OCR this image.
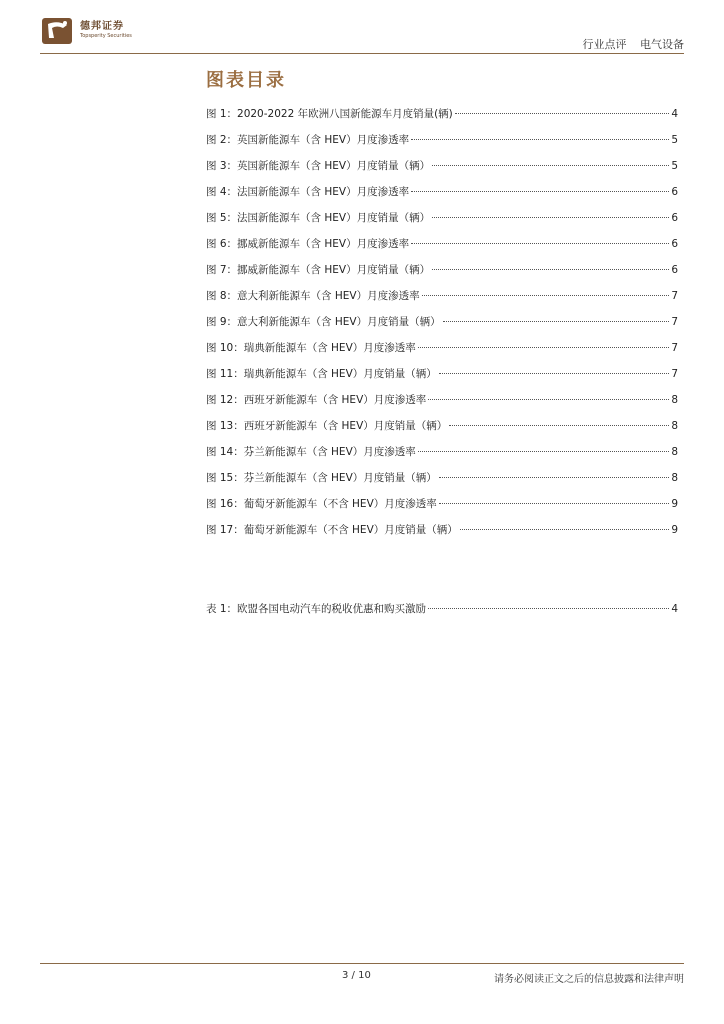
德邦证券
Topsperity Securities
行业点评 电气设备
图表目录
图 1：2020-2022 年欧洲八国新能源车月度销量(辆)	4
图 2：英国新能源车（含 HEV）月度渗透率	5
图 3：英国新能源车（含 HEV）月度销量（辆）	5
图 4：法国新能源车（含 HEV）月度渗透率	6
图 5：法国新能源车（含 HEV）月度销量（辆）	6
图 6：挪威新能源车（含 HEV）月度渗透率	6
图 7：挪威新能源车（含 HEV）月度销量（辆）	6
图 8：意大利新能源车（含 HEV）月度渗透率	7
图 9：意大利新能源车（含 HEV）月度销量（辆）	7
图 10：瑞典新能源车（含 HEV）月度渗透率	7
图 11：瑞典新能源车（含 HEV）月度销量（辆）	7
图 12：西班牙新能源车（含 HEV）月度渗透率	8
图 13：西班牙新能源车（含 HEV）月度销量（辆）	8
图 14：芬兰新能源车（含 HEV）月度渗透率	8
图 15：芬兰新能源车（含 HEV）月度销量（辆）	8
图 16：葡萄牙新能源车（不含 HEV）月度渗透率	9
图 17：葡萄牙新能源车（不含 HEV）月度销量（辆）	9
表 1：欧盟各国电动汽车的税收优惠和购买激励	4
3 / 10	请务必阅读正文之后的信息披露和法律声明
